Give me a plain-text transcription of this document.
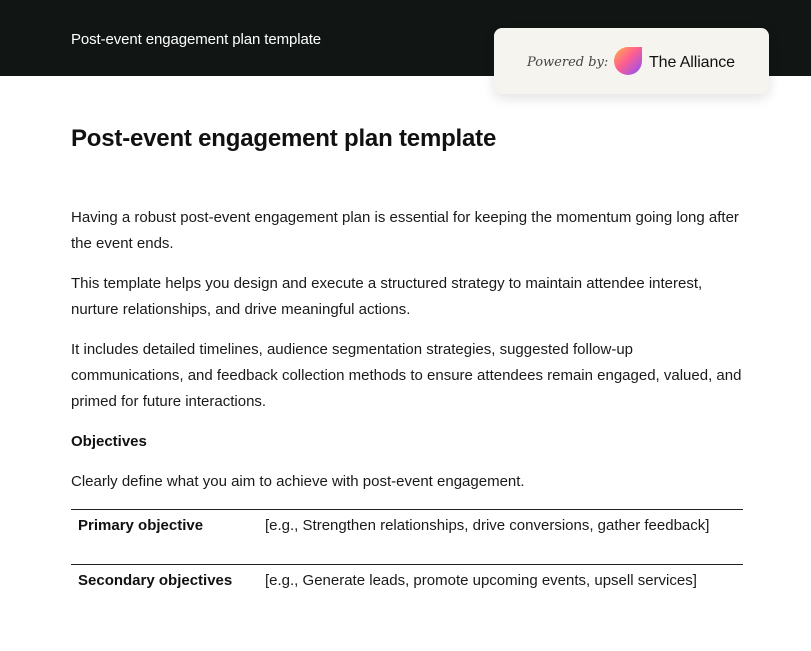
Post-event engagement plan template
Powered by:	The Alliance
Post-event engagement plan template

Having a robust post-event engagement plan is essential for keeping the momentum going long after the event ends.

This template helps you design and execute a structured strategy to maintain attendee interest, nurture relationships, and drive meaningful actions.

It includes detailed timelines, audience segmentation strategies, suggested follow-up communications, and feedback collection methods to ensure attendees remain engaged, valued, and primed for future interactions.

Objectives

Clearly define what you aim to achieve with post-event engagement.

Primary objective	[e.g., Strengthen relationships, drive conversions, gather feedback]
Secondary objectives	[e.g., Generate leads, promote upcoming events, upsell services]
